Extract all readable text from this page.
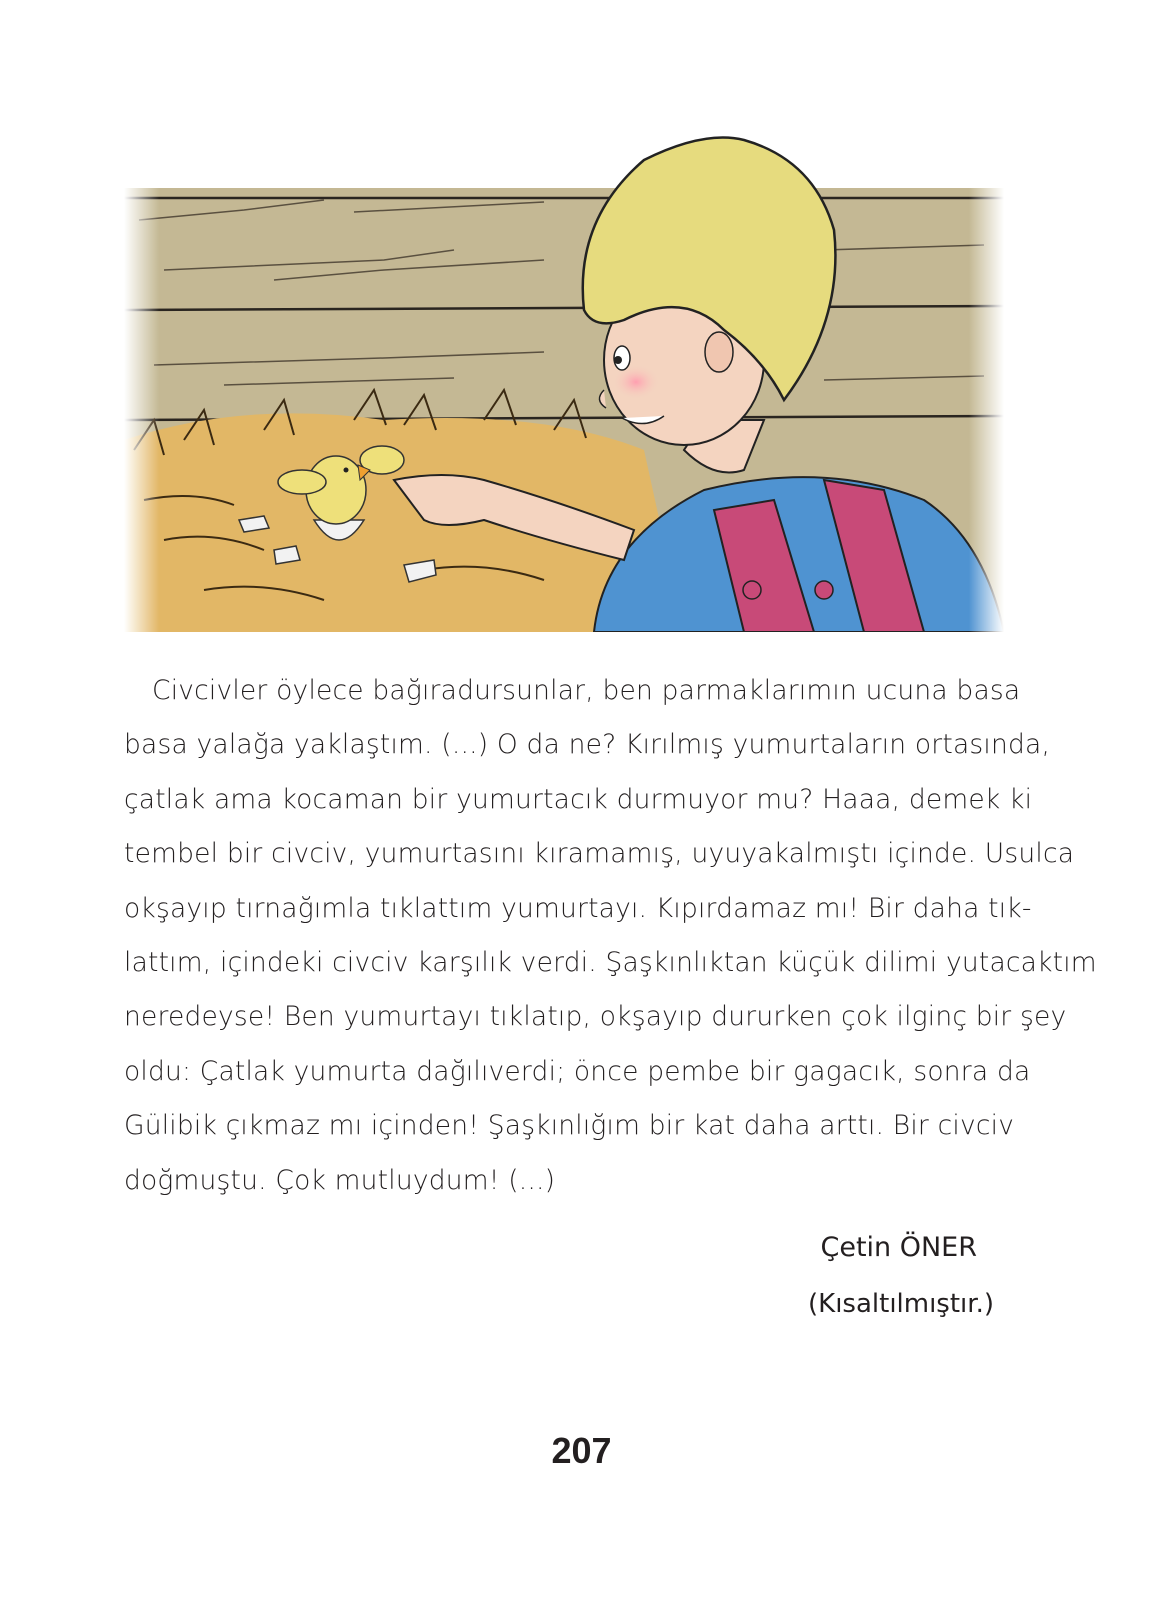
Civcivler öylece bağıradursunlar, ben parmaklarımın ucuna basa
basa yalağa yaklaştım. (...) O da ne? Kırılmış yumurtaların ortasında,
çatlak ama kocaman bir yumurtacık durmuyor mu? Haaa, demek ki
tembel bir civciv, yumurtasını kıramamış, uyuyakalmıştı içinde. Usulca
okşayıp tırnağımla tıklattım yumurtayı. Kıpırdamaz mı! Bir daha tık-
lattım, içindeki civciv karşılık verdi. Şaşkınlıktan küçük dilimi yutacaktım
neredeyse! Ben yumurtayı tıklatıp, okşayıp dururken çok ilginç bir şey
oldu: Çatlak yumurta dağılıverdi; önce pembe bir gagacık, sonra da
Gülibik çıkmaz mı içinden! Şaşkınlığım bir kat daha arttı. Bir civciv
doğmuştu. Çok mutluydum! (...)

Çetin ÖNER
(Kısaltılmıştır.)
207
